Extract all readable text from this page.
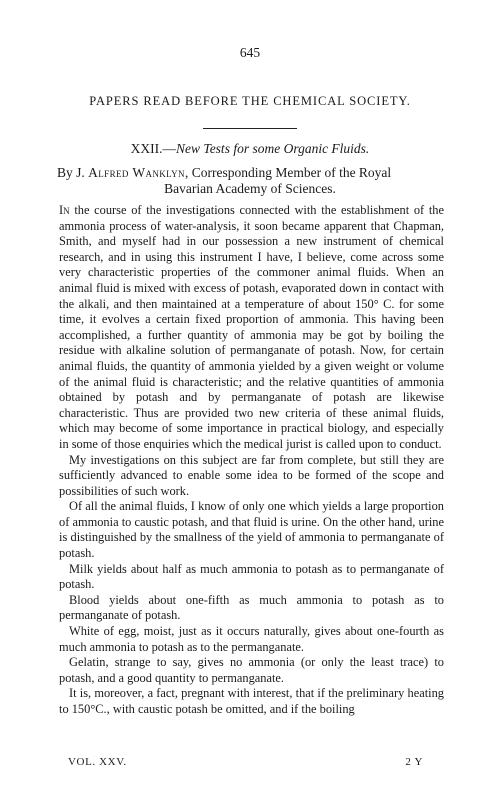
645
PAPERS READ BEFORE THE CHEMICAL SOCIETY.
XXII.—New Tests for some Organic Fluids.
By J. Alfred Wanklyn, Corresponding Member of the Royal
Bavarian Academy of Sciences.

In the course of the investigations connected with the establishment of the ammonia process of water-analysis, it soon became apparent that Chapman, Smith, and myself had in our possession a new instrument of chemical research, and in using this instrument I have, I believe, come across some very characteristic properties of the commoner animal fluids. When an animal fluid is mixed with excess of potash, evaporated down in contact with the alkali, and then maintained at a temperature of about 150° C. for some time, it evolves a certain fixed proportion of ammonia. This having been accomplished, a further quantity of ammonia may be got by boiling the residue with alkaline solution of permanganate of potash. Now, for certain animal fluids, the quantity of ammonia yielded by a given weight or volume of the animal fluid is characteristic; and the relative quantities of ammonia obtained by potash and by permanganate of potash are likewise characteristic. Thus are provided two new criteria of these animal fluids, which may become of some importance in practical biology, and especially in some of those enquiries which the medical jurist is called upon to conduct.

My investigations on this subject are far from complete, but still they are sufficiently advanced to enable some idea to be formed of the scope and possibilities of such work.

Of all the animal fluids, I know of only one which yields a large proportion of ammonia to caustic potash, and that fluid is urine. On the other hand, urine is distinguished by the smallness of the yield of ammonia to permanganate of potash.

Milk yields about half as much ammonia to potash as to permanganate of potash.

Blood yields about one-fifth as much ammonia to potash as to permanganate of potash.

White of egg, moist, just as it occurs naturally, gives about one-fourth as much ammonia to potash as to the permanganate.

Gelatin, strange to say, gives no ammonia (or only the least trace) to potash, and a good quantity to permanganate.

It is, moreover, a fact, pregnant with interest, that if the preliminary heating to 150°C., with caustic potash be omitted, and if the boiling

VOL. XXV.	2 Y
